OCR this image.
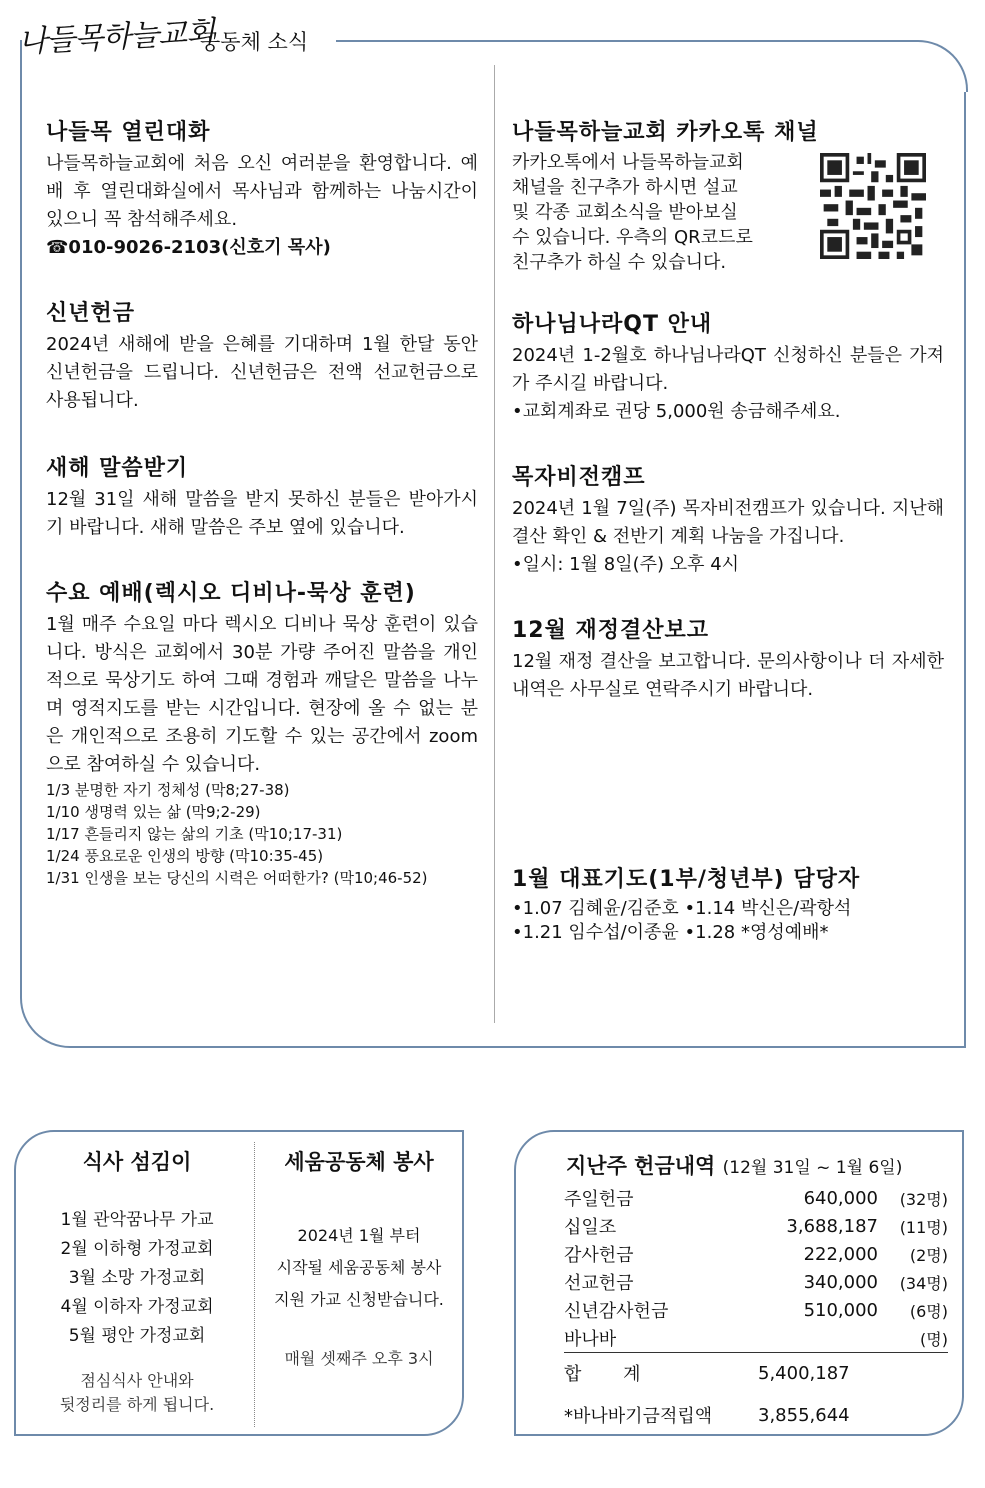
나들목하늘교회
공동체 소식
나들목 열린대화

나들목하늘교회에 처음 오신 여러분을 환영합니다. 예배 후 열린대화실에서 목사님과 함께하는 나눔시간이 있으니 꼭 참석해주세요.

☎010-9026-2103(신호기 목사)

신년헌금

2024년 새해에 받을 은혜를 기대하며 1월 한달 동안 신년헌금을 드립니다. 신년헌금은 전액 선교헌금으로 사용됩니다.

새해 말씀받기

12월 31일 새해 말씀을 받지 못하신 분들은 받아가시기 바랍니다. 새해 말씀은 주보 옆에 있습니다.

수요 예배(렉시오 디비나-묵상 훈련)

1월 매주 수요일 마다 렉시오 디비나 묵상 훈련이 있습니다. 방식은 교회에서 30분 가량 주어진 말씀을 개인적으로 묵상기도 하여 그때 경험과 깨달은 말씀을 나누며 영적지도를 받는 시간입니다. 현장에 올 수 없는 분은 개인적으로 조용히 기도할 수 있는 공간에서 zoom으로 참여하실 수 있습니다.

1/3 분명한 자기 정체성 (막8;27-38)

1/10 생명력 있는 삶 (막9;2-29)

1/17 흔들리지 않는 삶의 기초 (막10;17-31)

1/24 풍요로운 인생의 방향 (막10:35-45)

1/31 인생을 보는 당신의 시력은 어떠한가? (막10;46-52)

나들목하늘교회 카카오톡 채널

카카오톡에서 나들목하늘교회

채널을 친구추가 하시면 설교

및 각종 교회소식을 받아보실

수 있습니다. 우측의 QR코드로

친구추가 하실 수 있습니다.

하나님나라QT 안내

2024년 1-2월호 하나님나라QT 신청하신 분들은 가져가 주시길 바랍니다.

•교회계좌로 권당 5,000원 송금해주세요.

목자비전캠프

2024년 1월 7일(주) 목자비전캠프가 있습니다. 지난해 결산 확인 & 전반기 계획 나눔을 가집니다.

•일시: 1월 8일(주) 오후 4시

12월 재정결산보고

12월 재정 결산을 보고합니다. 문의사항이나 더 자세한 내역은 사무실로 연락주시기 바랍니다.

1월 대표기도(1부/청년부) 담당자

•1.07 김혜윤/김준호 •1.14 박신은/곽항석

•1.21 임수섭/이종윤 •1.28 *영성예배*

식사 섬김이
1월 관악꿈나무 가교
2월 이하형 가정교회
3월 소망 가정교회
4월 이하자 가정교회
5월 평안 가정교회
점심식사 안내와
뒷정리를 하게 됩니다.
세움공동체 봉사
2024년 1월 부터
시작될 세움공동체 봉사
지원 가교 신청받습니다.
매월 셋째주 오후 3시
지난주 헌금내역 (12월 31일 ~ 1월 6일)
주일헌금	640,000	(32명)
십일조	3,688,187	(11명)
감사헌금	222,000	(2명)
선교헌금	340,000	(34명)
신년감사헌금	510,000	(6명)
바나바		(명)
합 계	5,400,187	
*바나바기금적립액	3,855,644	
